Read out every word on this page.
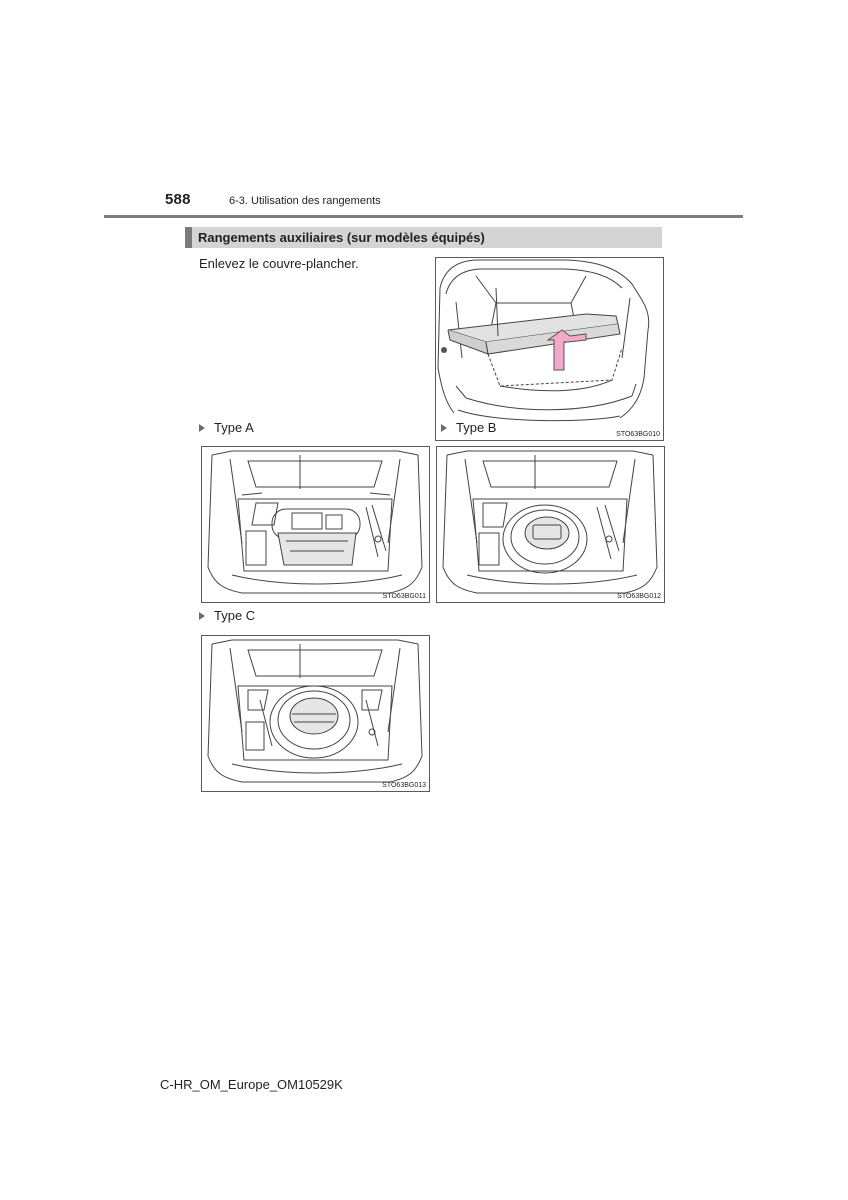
588	6-3. Utilisation des rangements
Rangements auxiliaires (sur modèles équipés)
Enlevez le couvre-plancher.
STO63BG010
Type A	Type B
Type C
STO63BG011	STO63BG012
STO63BG013
C-HR_OM_Europe_OM10529K
